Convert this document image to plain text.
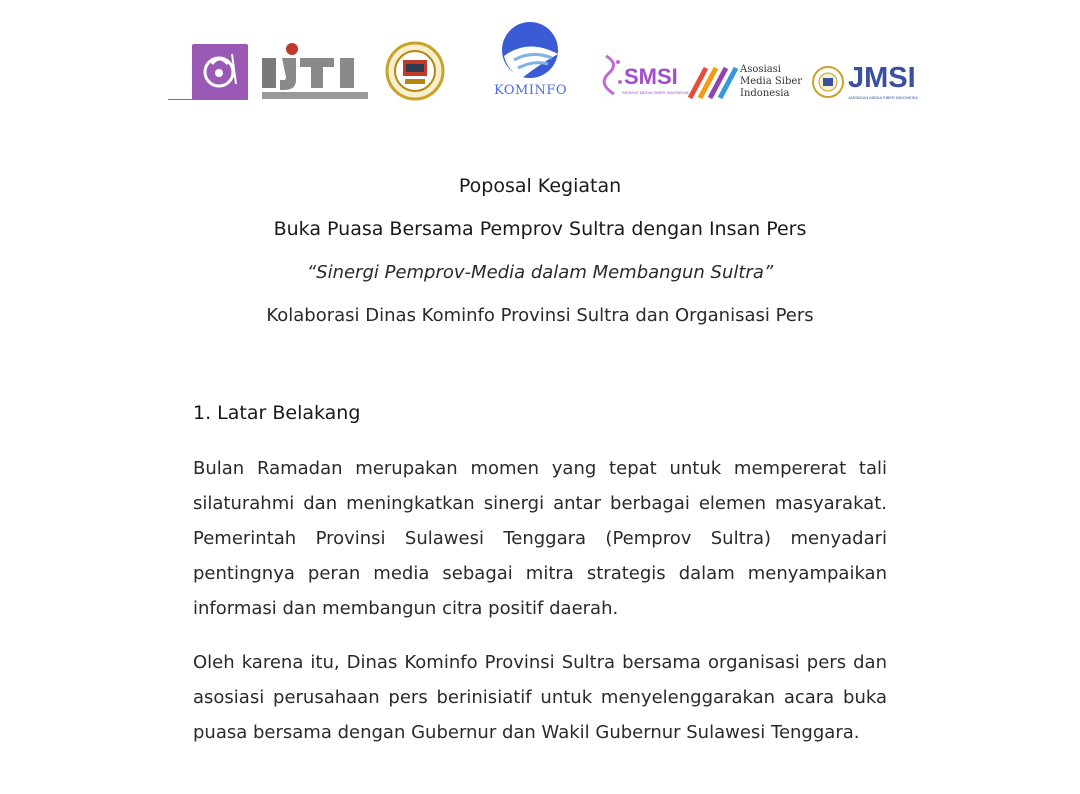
KOMINFO
SMSI
SERIKAT MEDIA SIBER INDONESIA
Asosiasi
Media Siber
Indonesia	JMSI
JARINGAN MEDIA SIBER INDONESIA
Poposal Kegiatan
Buka Puasa Bersama Pemprov Sultra dengan Insan Pers
“Sinergi Pemprov-Media dalam Membangun Sultra”
Kolaborasi Dinas Kominfo Provinsi Sultra dan Organisasi Pers
1. Latar Belakang
Bulan Ramadan merupakan momen yang tepat untuk mempererat tali silaturahmi dan meningkatkan sinergi antar berbagai elemen masyarakat. Pemerintah Provinsi Sulawesi Tenggara (Pemprov Sultra) menyadari pentingnya peran media sebagai mitra strategis dalam menyampaikan informasi dan membangun citra positif daerah.
Oleh karena itu, Dinas Kominfo Provinsi Sultra bersama organisasi pers dan asosiasi perusahaan pers berinisiatif untuk menyelenggarakan acara buka puasa bersama dengan Gubernur dan Wakil Gubernur Sulawesi Tenggara.
